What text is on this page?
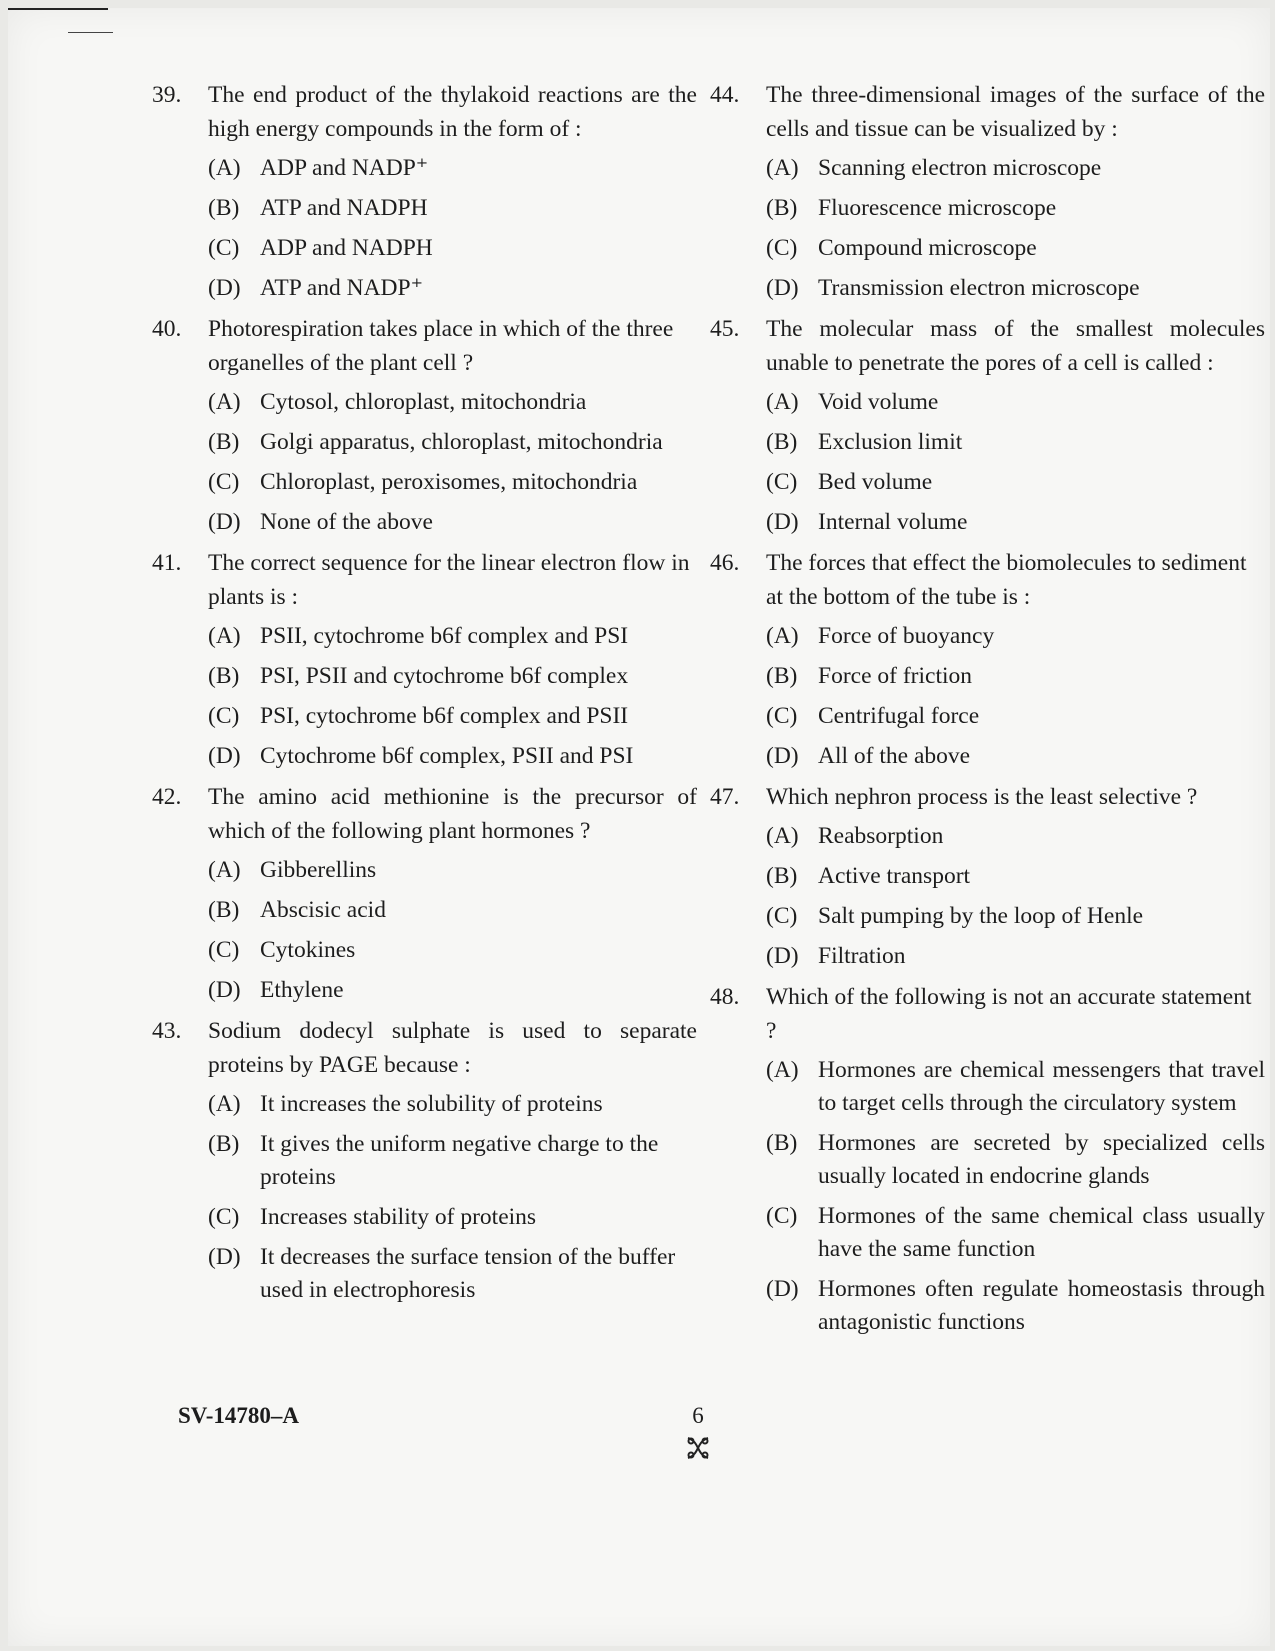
39. The end product of the thylakoid reactions are the high energy compounds in the form of :
(A) ADP and NADP⁺
(B) ATP and NADPH
(C) ADP and NADPH
(D) ATP and NADP⁺
40. Photorespiration takes place in which of the three organelles of the plant cell ?
(A) Cytosol, chloroplast, mitochondria
(B) Golgi apparatus, chloroplast, mitochondria
(C) Chloroplast, peroxisomes, mitochondria
(D) None of the above
41. The correct sequence for the linear electron flow in plants is :
(A) PSII, cytochrome b6f complex and PSI
(B) PSI, PSII and cytochrome b6f complex
(C) PSI, cytochrome b6f complex and PSII
(D) Cytochrome b6f complex, PSII and PSI
42. The amino acid methionine is the precursor of which of the following plant hormones ?
(A) Gibberellins
(B) Abscisic acid
(C) Cytokines
(D) Ethylene
43. Sodium dodecyl sulphate is used to separate proteins by PAGE because :
(A) It increases the solubility of proteins
(B) It gives the uniform negative charge to the proteins
(C) Increases stability of proteins
(D) It decreases the surface tension of the buffer used in electrophoresis
44. The three-dimensional images of the surface of the cells and tissue can be visualized by :
(A) Scanning electron microscope
(B) Fluorescence microscope
(C) Compound microscope
(D) Transmission electron microscope
45. The molecular mass of the smallest molecules unable to penetrate the pores of a cell is called :
(A) Void volume
(B) Exclusion limit
(C) Bed volume
(D) Internal volume
46. The forces that effect the biomolecules to sediment at the bottom of the tube is :
(A) Force of buoyancy
(B) Force of friction
(C) Centrifugal force
(D) All of the above
47. Which nephron process is the least selective ?
(A) Reabsorption
(B) Active transport
(C) Salt pumping by the loop of Henle
(D) Filtration
48. Which of the following is not an accurate statement ?
(A) Hormones are chemical messengers that travel to target cells through the circulatory system
(B) Hormones are secreted by specialized cells usually located in endocrine glands
(C) Hormones of the same chemical class usually have the same function
(D) Hormones often regulate homeostasis through antagonistic functions
SV-14780–A	6
